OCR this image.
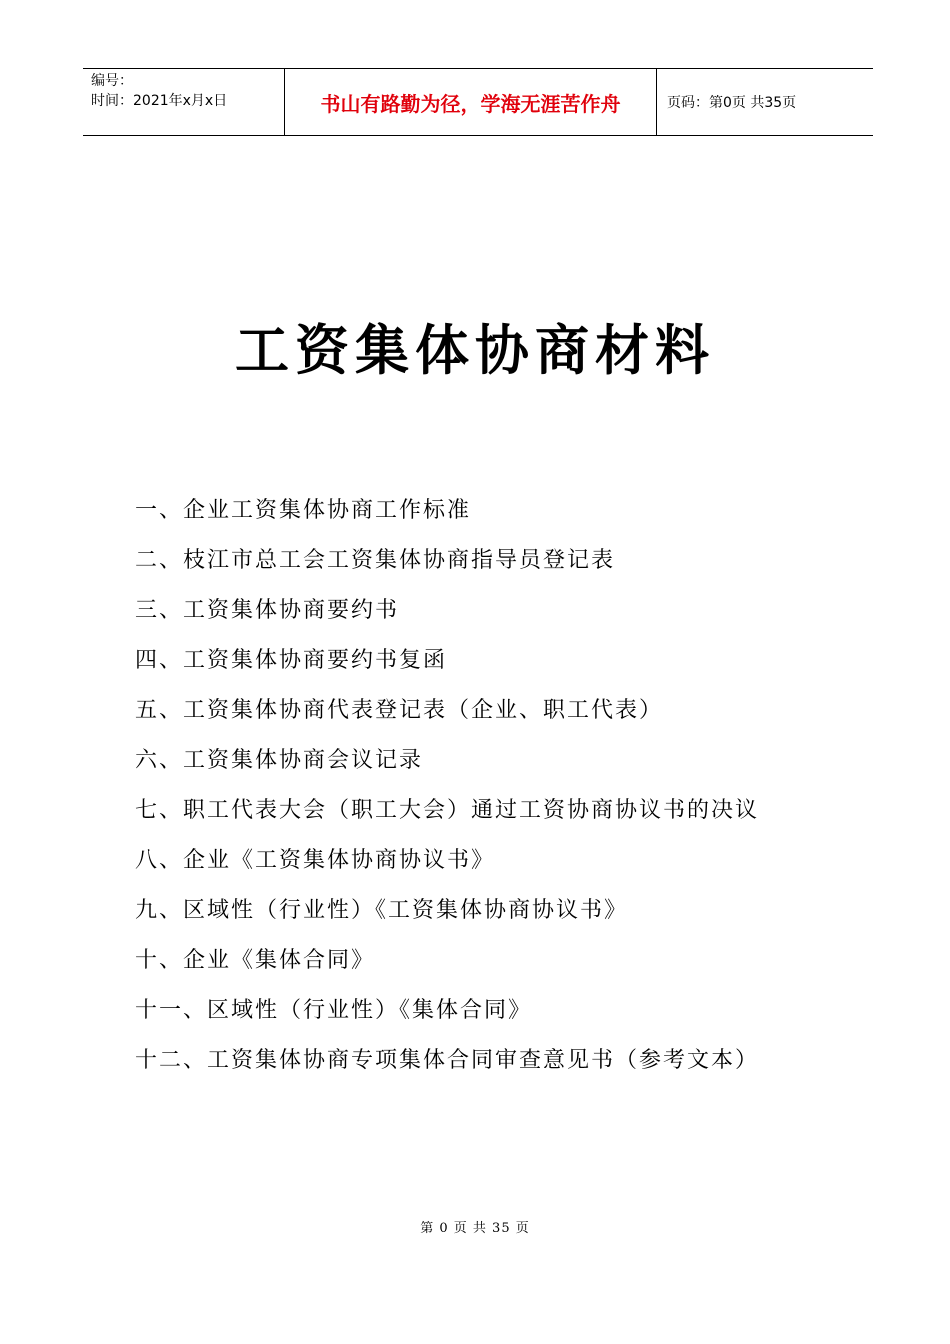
编号：
时间：2021年x月x日	书山有路勤为径，学海无涯苦作舟	页码：第0页 共35页
工资集体协商材料
一、企业工资集体协商工作标准
二、枝江市总工会工资集体协商指导员登记表
三、工资集体协商要约书
四、工资集体协商要约书复函
五、工资集体协商代表登记表（企业、职工代表）
六、工资集体协商会议记录
七、职工代表大会（职工大会）通过工资协商协议书的决议
八、企业《工资集体协商协议书》
九、区域性（行业性）《工资集体协商协议书》
十、企业《集体合同》
十一、区域性（行业性）《集体合同》
十二、工资集体协商专项集体合同审查意见书（参考文本）
第 0 页 共 35 页
